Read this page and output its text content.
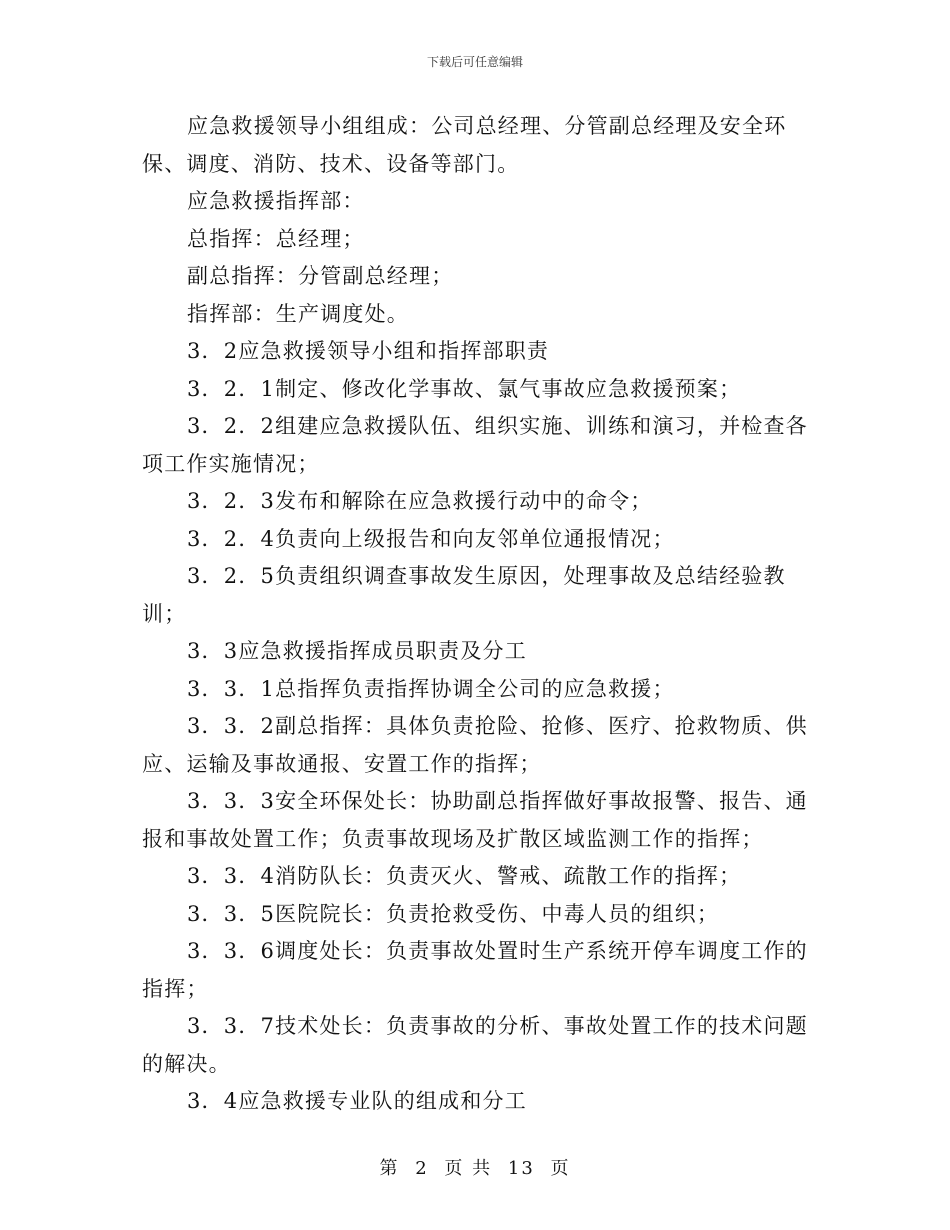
下载后可任意编辑

应急救援领导小组组成：公司总经理、分管副总经理及安全环保、调度、消防、技术、设备等部门。

应急救援指挥部：

总指挥：总经理；

副总指挥：分管副总经理；

指挥部：生产调度处。

3．2应急救援领导小组和指挥部职责

3．2．1制定、修改化学事故、氯气事故应急救援预案；

3．2．2组建应急救援队伍、组织实施、训练和演习，并检查各项工作实施情况；

3．2．3发布和解除在应急救援行动中的命令；

3．2．4负责向上级报告和向友邻单位通报情况；

3．2．5负责组织调查事故发生原因，处理事故及总结经验教训；

3．3应急救援指挥成员职责及分工

3．3．1总指挥负责指挥协调全公司的应急救援；

3．3．2副总指挥：具体负责抢险、抢修、医疗、抢救物质、供应、运输及事故通报、安置工作的指挥；

3．3．3安全环保处长：协助副总指挥做好事故报警、报告、通报和事故处置工作；负责事故现场及扩散区域监测工作的指挥；

3．3．4消防队长：负责灭火、警戒、疏散工作的指挥；

3．3．5医院院长：负责抢救受伤、中毒人员的组织；

3．3．6调度处长：负责事故处置时生产系统开停车调度工作的指挥；

3．3．7技术处长：负责事故的分析、事故处置工作的技术问题的解决。

3．4应急救援专业队的组成和分工

第 2 页 共 13 页
